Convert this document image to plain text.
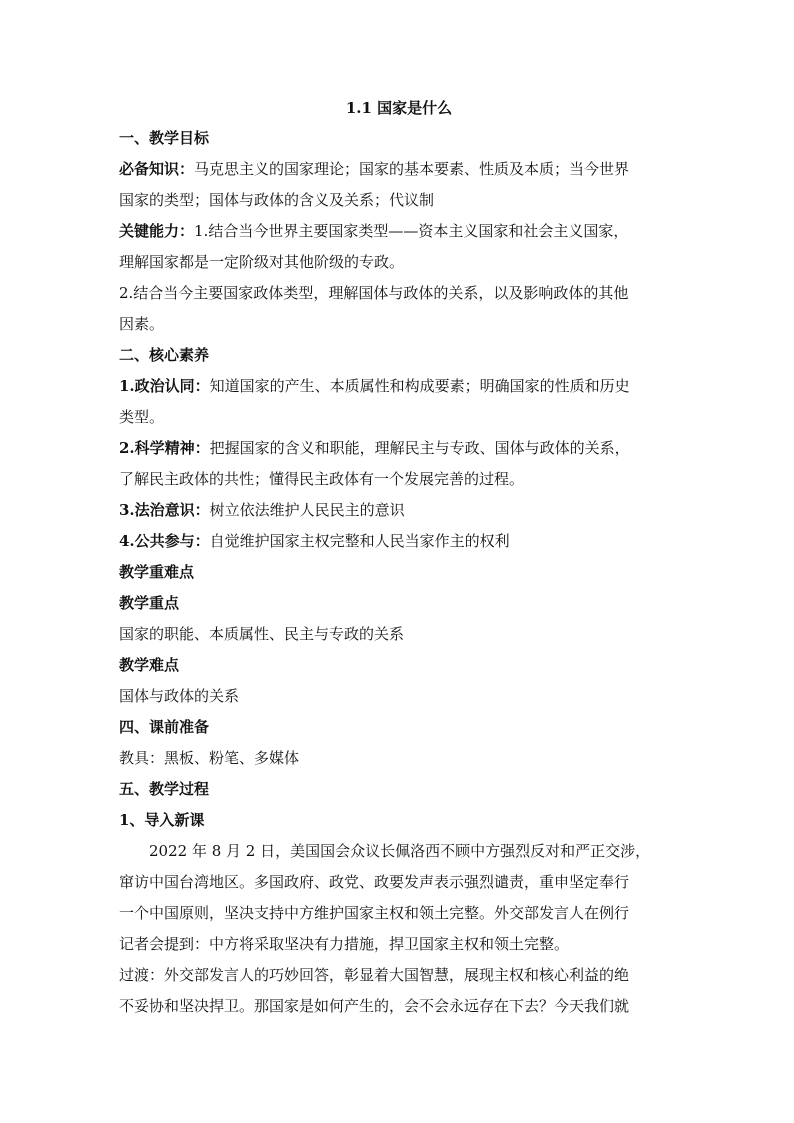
1.1 国家是什么
一、教学目标
必备知识：马克思主义的国家理论；国家的基本要素、性质及本质；当今世界
国家的类型；国体与政体的含义及关系；代议制
关键能力：1.结合当今世界主要国家类型——资本主义国家和社会主义国家，
理解国家都是一定阶级对其他阶级的专政。
2.结合当今主要国家政体类型，理解国体与政体的关系，以及影响政体的其他
因素。
二、核心素养
1.政治认同：知道国家的产生、本质属性和构成要素；明确国家的性质和历史
类型。
2.科学精神：把握国家的含义和职能，理解民主与专政、国体与政体的关系，
了解民主政体的共性；懂得民主政体有一个发展完善的过程。
3.法治意识：树立依法维护人民民主的意识
4.公共参与：自觉维护国家主权完整和人民当家作主的权利
教学重难点
教学重点
国家的职能、本质属性、民主与专政的关系
教学难点
国体与政体的关系
四、课前准备
教具：黑板、粉笔、多媒体
五、教学过程
1、导入新课
2022 年 8 月 2 日，美国国会众议长佩洛西不顾中方强烈反对和严正交涉，
窜访中国台湾地区。多国政府、政党、政要发声表示强烈谴责，重申坚定奉行
一个中国原则，坚决支持中方维护国家主权和领土完整。外交部发言人在例行
记者会提到：中方将采取坚决有力措施，捍卫国家主权和领土完整。
过渡：外交部发言人的巧妙回答，彰显着大国智慧，展现主权和核心利益的绝
不妥协和坚决捍卫。那国家是如何产生的，会不会永远存在下去？今天我们就
